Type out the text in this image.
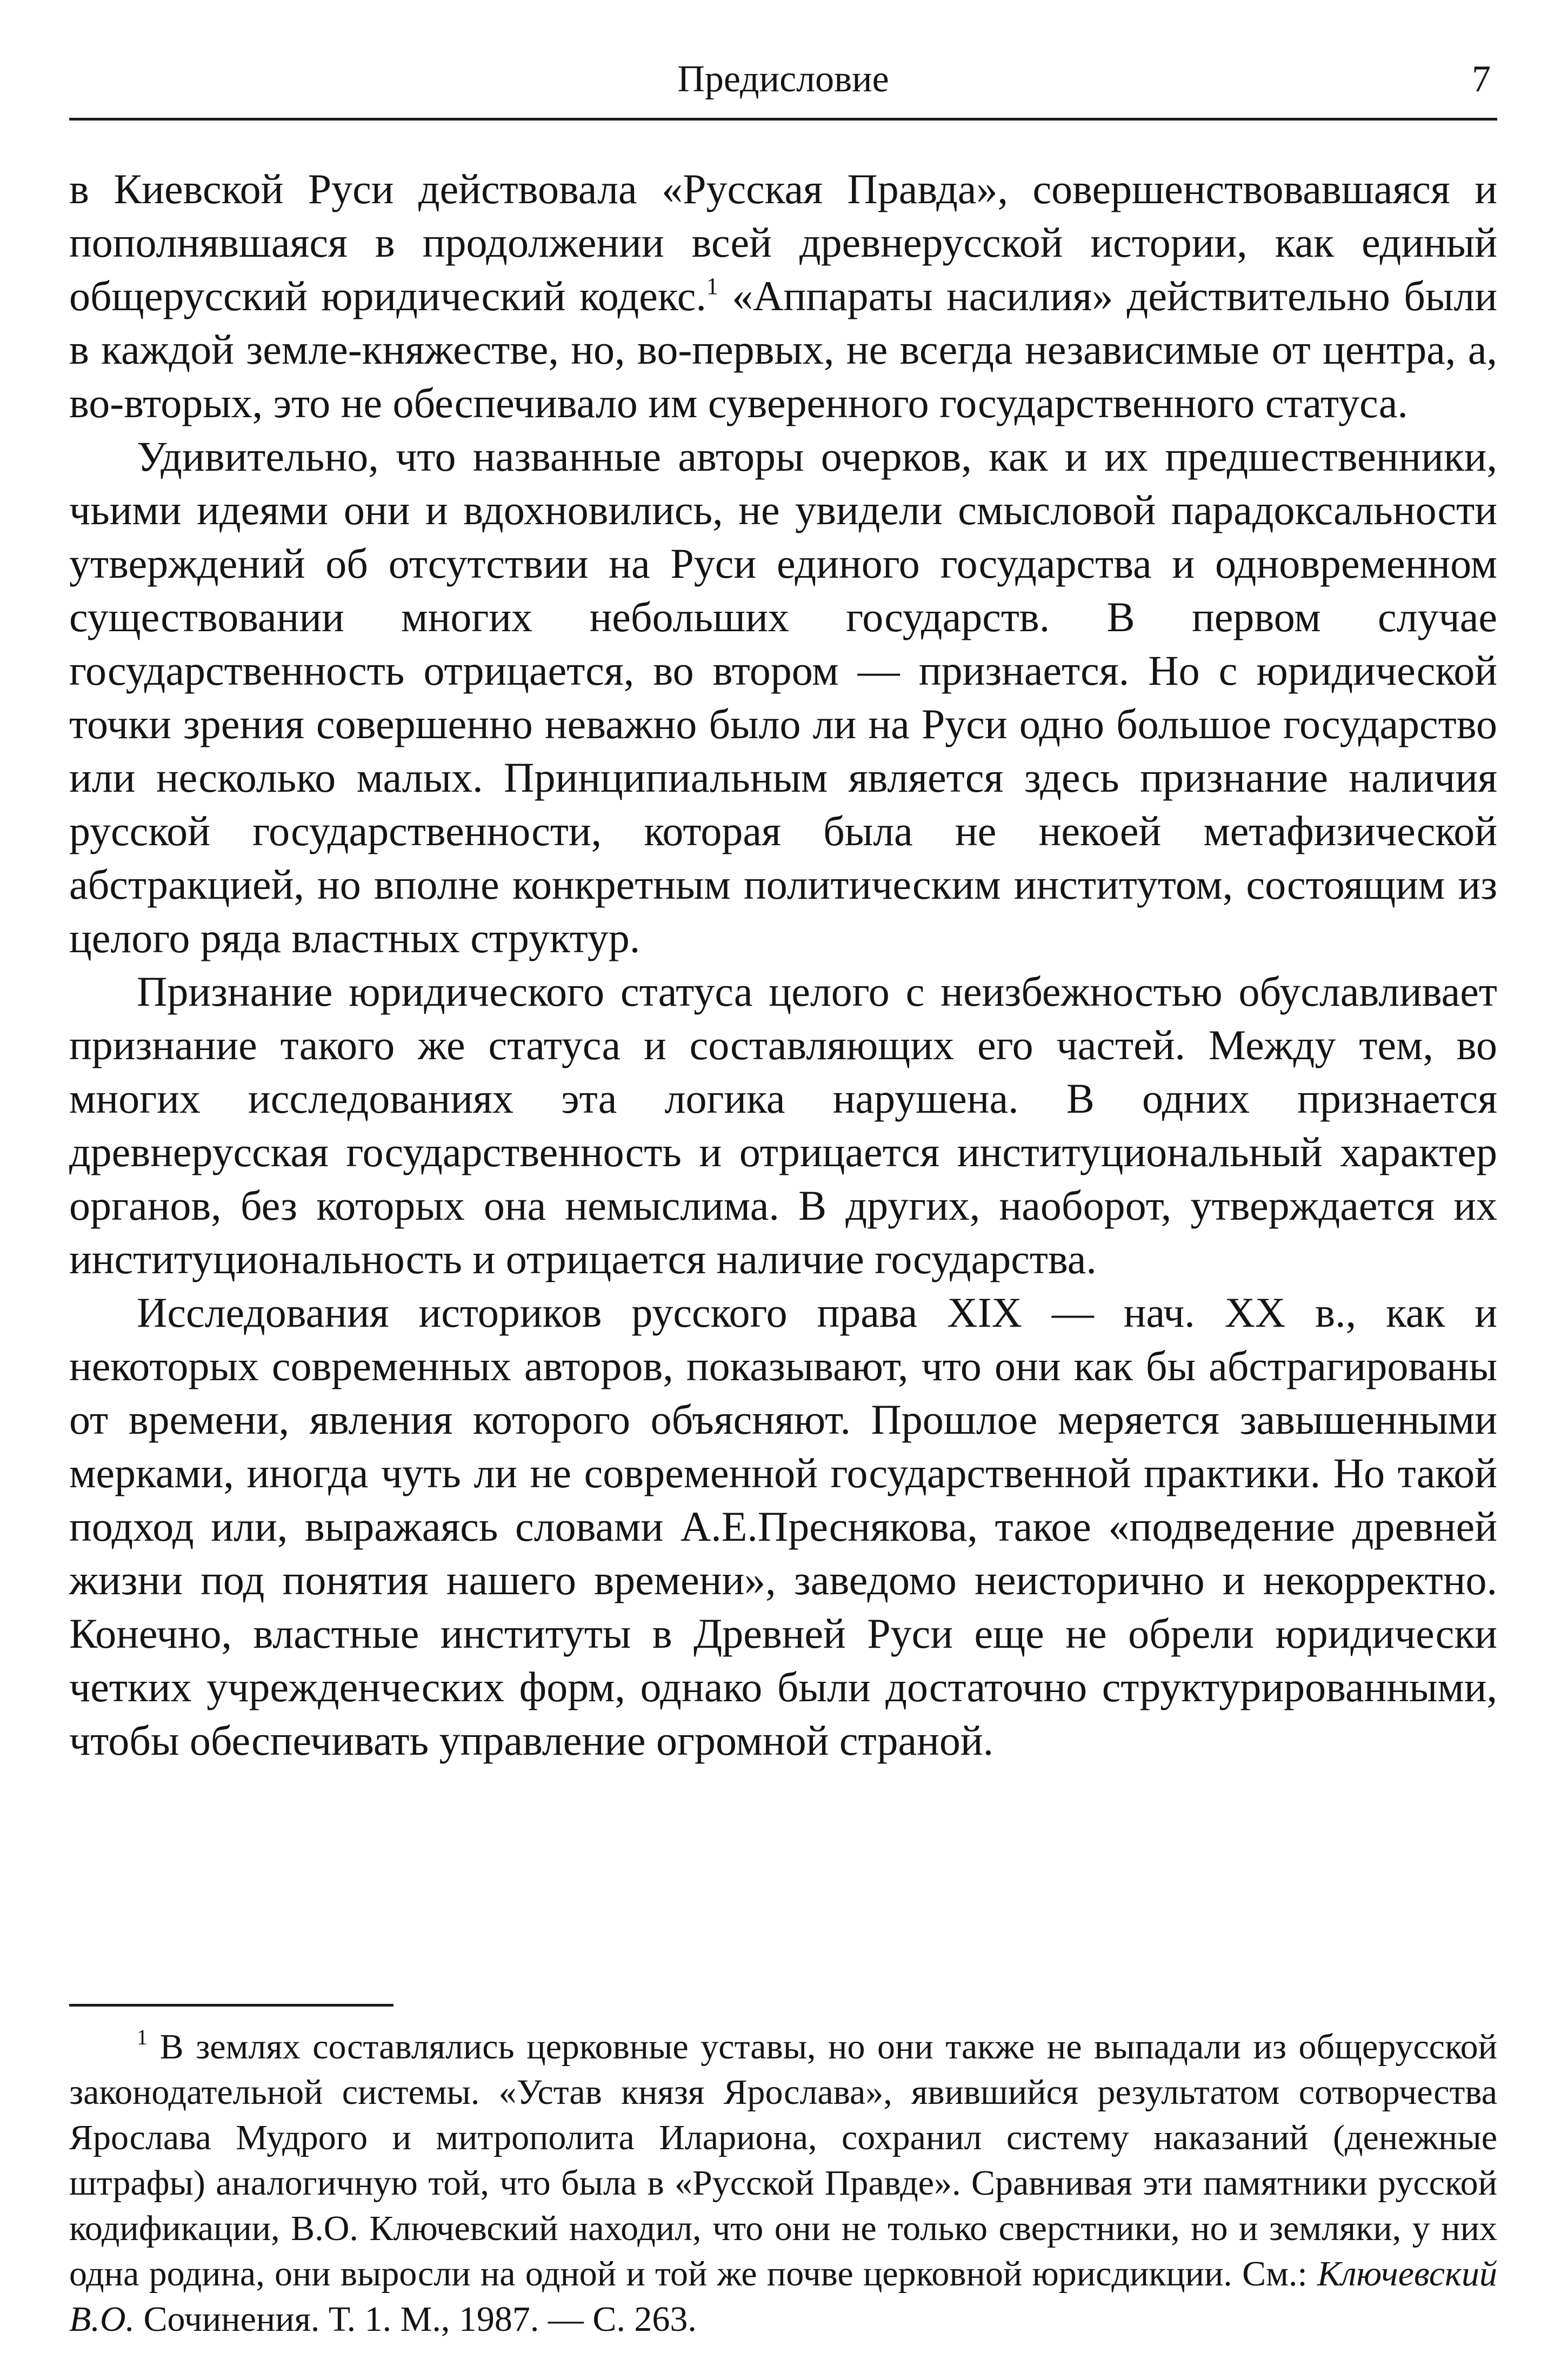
Предисловие	7

в Киевской Руси действовала «Русская Правда», совершенствовавшаяся и пополнявшаяся в продолжении всей древнерусской истории, как единый общерусский юридический кодекс.$^1$ «Аппараты насилия» действительно были в каждой земле-княжестве, но, во-первых, не всегда независимые от центра, а, во-вторых, это не обеспечивало им суверенного государственного статуса.

Удивительно, что названные авторы очерков, как и их предшественники, чьими идеями они и вдохновились, не увидели смысловой парадоксальности утверждений об отсутствии на Руси единого государства и одновременном существовании многих небольших государств. В первом случае государственность отрицается, во втором — признается. Но с юридической точки зрения совершенно неважно было ли на Руси одно большое государство или несколько малых. Принципиальным является здесь признание наличия русской государственности, которая была не некоей метафизической абстракцией, но вполне конкретным политическим институтом, состоящим из целого ряда властных структур.

Признание юридического статуса целого с неизбежностью обуславливает признание такого же статуса и составляющих его частей. Между тем, во многих исследованиях эта логика нарушена. В одних признается древнерусская государственность и отрицается институциональный характер органов, без которых она немыслима. В других, наоборот, утверждается их институциональность и отрицается наличие государства.

Исследования историков русского права XIX — нач. XX в., как и некоторых современных авторов, показывают, что они как бы абстрагированы от времени, явления которого объясняют. Прошлое меряется завышенными мерками, иногда чуть ли не современной государственной практики. Но такой подход или, выражаясь словами А.Е.Преснякова, такое «подведение древней жизни под понятия нашего времени», заведомо неисторично и некорректно. Конечно, властные институты в Древней Руси еще не обрели юридически четких учрежденческих форм, однако были достаточно структурированными, чтобы обеспечивать управление огромной страной.

$^1$ В землях составлялись церковные уставы, но они также не выпадали из общерусской законодательной системы. «Устав князя Ярослава», явившийся результатом сотворчества Ярослава Мудрого и митрополита Илариона, сохранил систему наказаний (денежные штрафы) аналогичную той, что была в «Русской Правде». Сравнивая эти памятники русской кодификации, В.О. Ключевский находил, что они не только сверстники, но и земляки, у них одна родина, они выросли на одной и той же почве церковной юрисдикции. См.: Ключевский В.О. Сочинения. Т. 1. М., 1987. — С. 263.
